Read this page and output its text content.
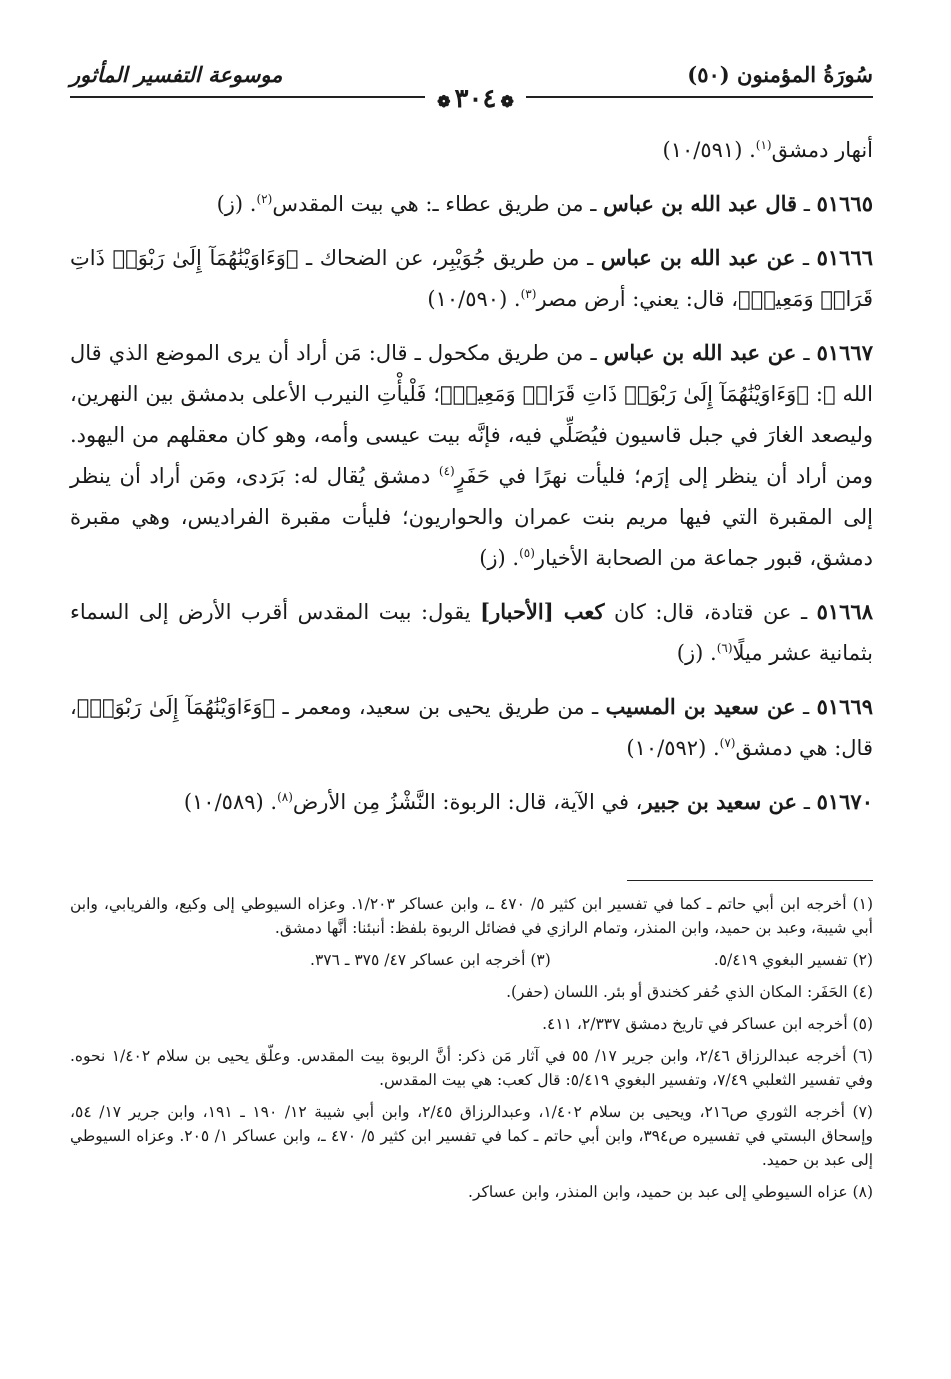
سُورَةُ المؤمنون (٥٠)
موسوعة التفسير المأثور
❁٣٠٤❁

أنهار دمشق$^{(١)}$. (١٠/٥٩١)

٥١٦٦٥ ـ قال عبد الله بن عباس ـ من طريق عطاء ـ: هي بيت المقدس$^{(٢)}$. (ز)

٥١٦٦٦ ـ عن عبد الله بن عباس ـ من طريق جُوَيْبِر، عن الضحاك ـ ﴿وَءَاوَيْنَٰهُمَآ إِلَىٰ رَبْوَةٖ ذَاتِ قَرَارٖ وَمَعِينٖ﴾، قال: يعني: أرض مصر$^{(٣)}$. (١٠/٥٩٠)

٥١٦٦٧ ـ عن عبد الله بن عباس ـ من طريق مكحول ـ قال: مَن أراد أن يرى الموضع الذي قال الله ﷻ: ﴿وَءَاوَيْنَٰهُمَآ إِلَىٰ رَبْوَةٖ ذَاتِ قَرَارٖ وَمَعِينٖ﴾؛ فَلْيأْتِ النيرب الأعلى بدمشق بين النهرين، وليصعد الغارَ في جبل قاسيون فيُصَلِّي فيه، فإنَّه بيت عيسى وأمه، وهو كان معقلهم من اليهود. ومن أراد أن ينظر إلى إرَم؛ فليأت نهرًا في حَفَرٍ$^{(٤)}$ دمشق يُقال له: بَرَدى، ومَن أراد أن ينظر إلى المقبرة التي فيها مريم بنت عمران والحواريون؛ فليأت مقبرة الفراديس، وهي مقبرة دمشق، قبور جماعة من الصحابة الأخيار$^{(٥)}$. (ز)

٥١٦٦٨ ـ عن قتادة، قال: كان كعب [الأحبار] يقول: بيت المقدس أقرب الأرض إلى السماء بثمانية عشر ميلًا$^{(٦)}$. (ز)

٥١٦٦٩ ـ عن سعيد بن المسيب ـ من طريق يحيى بن سعيد، ومعمر ـ ﴿وَءَاوَيْنَٰهُمَآ إِلَىٰ رَبْوَةٖ﴾، قال: هي دمشق$^{(٧)}$. (١٠/٥٩٢)

٥١٦٧٠ ـ عن سعيد بن جبير، في الآية، قال: الربوة: النَّشْزُ مِن الأرض$^{(٨)}$. (١٠/٥٨٩)

(١) أخرجه ابن أبي حاتم ـ كما في تفسير ابن كثير ٥/ ٤٧٠ ـ، وابن عساكر ١/٢٠٣. وعزاه السيوطي إلى وكيع، والفريابي، وابن أبي شيبة، وعبد بن حميد، وابن المنذر، وتمام الرازي في فضائل الربوة بلفظ: أنبئنا: أنَّها دمشق.

(٢) تفسير البغوي ٥/٤١٩.
(٣) أخرجه ابن عساكر ٤٧/ ٣٧٥ ـ ٣٧٦.

(٤) الحَفَر: المكان الذي حُفر كخندق أو بئر. اللسان (حفر).

(٥) أخرجه ابن عساكر في تاريخ دمشق ٢/٣٣٧، ٤١١.

(٦) أخرجه عبدالرزاق ٢/٤٦، وابن جرير ١٧/ ٥٥ في آثار مَن ذكر: أنَّ الربوة بيت المقدس. وعلّق يحيى بن سلام ١/٤٠٢ نحوه. وفي تفسير الثعلبي ٧/٤٩، وتفسير البغوي ٥/٤١٩: قال كعب: هي بيت المقدس.

(٧) أخرجه الثوري ص٢١٦، ويحيى بن سلام ١/٤٠٢، وعبدالرزاق ٢/٤٥، وابن أبي شيبة ١٢/ ١٩٠ ـ ١٩١، وابن جرير ١٧/ ٥٤، وإسحاق البستي في تفسيره ص٣٩٤، وابن أبي حاتم ـ كما في تفسير ابن كثير ٥/ ٤٧٠ ـ، وابن عساكر ١/ ٢٠٥. وعزاه السيوطي إلى عبد بن حميد.

(٨) عزاه السيوطي إلى عبد بن حميد، وابن المنذر، وابن عساكر.
